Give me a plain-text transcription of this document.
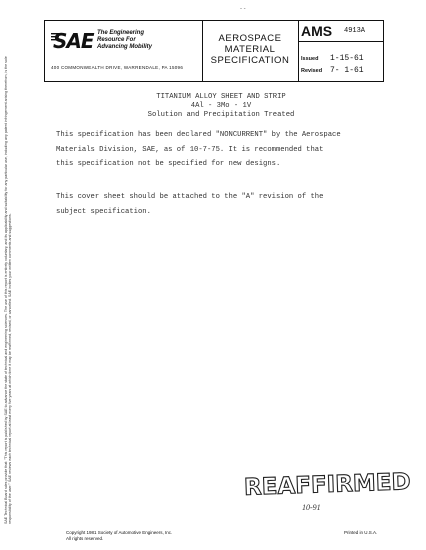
- -
SAE The Engineering
Resource For
Advancing Mobility
400 COMMONWEALTH DRIVE, WARRENDALE, PA 15096
AEROSPACE
MATERIAL
SPECIFICATION
AMS 4913A
Issued 1-15-61
Revised 7- 1-61
TITANIUM ALLOY SHEET AND STRIP
4Al - 3Mo - 1V
Solution and Precipitation Treated
This specification has been declared "NONCURRENT" by the Aerospace
Materials Division, SAE, as of 10-7-75. It is recommended that
this specification not be specified for new designs.
This cover sheet should be attached to the "A" revision of the
subject specification.
SAE Technical Board rules provide that: "This report is published by SAE to advance the state of technical and engineering sciences. The use of this report is entirely voluntary, and its applicability and suitability for any particular use, including any patent infringement arising therefrom, is the sole responsibility of the user." SAE reviews each technical report at least every five years at which time it may be reaffirmed, revised, or cancelled. SAE invites your written comments and suggestions.	REAFFIRMED
10-91
Copyright 1981 Society of Automotive Engineers, Inc.
All rights reserved.
Printed in U.S.A.
